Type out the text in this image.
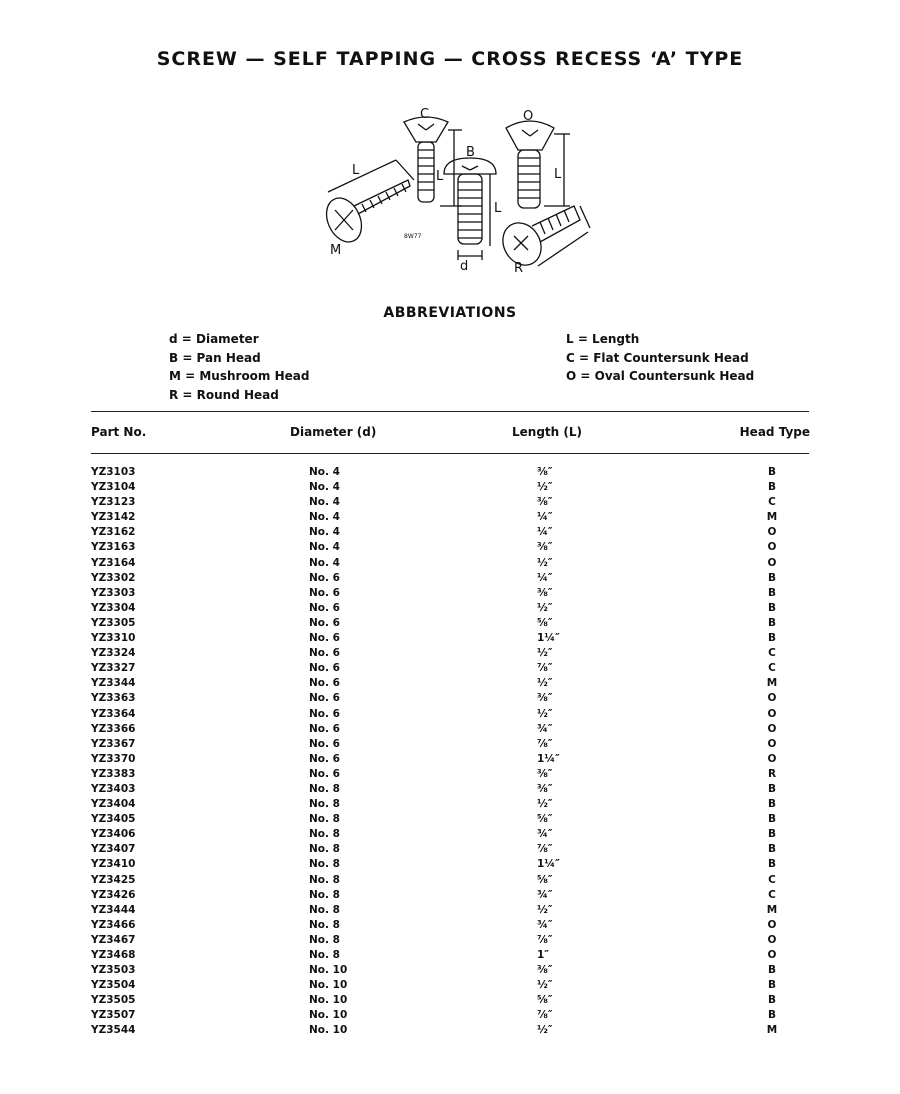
SCREW — SELF TAPPING — CROSS RECESS ‘A’ TYPE
C	O
B
M
R
d
L	L
L
L
8W77
ABBREVIATIONS
d = Diameter
B = Pan Head
M = Mushroom Head
R = Round Head
L = Length
C = Flat Countersunk Head
O = Oval Countersunk Head
Part No.	Diameter (d)	Length (L)	Head Type
YZ3103	No. 4	⅜″	B
YZ3104	No. 4	½″	B
YZ3123	No. 4	⅜″	C
YZ3142	No. 4	¼″	M
YZ3162	No. 4	¼″	O
YZ3163	No. 4	⅜″	O
YZ3164	No. 4	½″	O
YZ3302	No. 6	¼″	B
YZ3303	No. 6	⅜″	B
YZ3304	No. 6	½″	B
YZ3305	No. 6	⅝″	B
YZ3310	No. 6	1¼″	B
YZ3324	No. 6	½″	C
YZ3327	No. 6	⅞″	C
YZ3344	No. 6	½″	M
YZ3363	No. 6	⅜″	O
YZ3364	No. 6	½″	O
YZ3366	No. 6	¾″	O
YZ3367	No. 6	⅞″	O
YZ3370	No. 6	1¼″	O
YZ3383	No. 6	⅜″	R
YZ3403	No. 8	⅜″	B
YZ3404	No. 8	½″	B
YZ3405	No. 8	⅝″	B
YZ3406	No. 8	¾″	B
YZ3407	No. 8	⅞″	B
YZ3410	No. 8	1¼″	B
YZ3425	No. 8	⅝″	C
YZ3426	No. 8	¾″	C
YZ3444	No. 8	½″	M
YZ3466	No. 8	¾″	O
YZ3467	No. 8	⅞″	O
YZ3468	No. 8	1″	O
YZ3503	No. 10	⅜″	B
YZ3504	No. 10	½″	B
YZ3505	No. 10	⅝″	B
YZ3507	No. 10	⅞″	B
YZ3544	No. 10	½″	M
